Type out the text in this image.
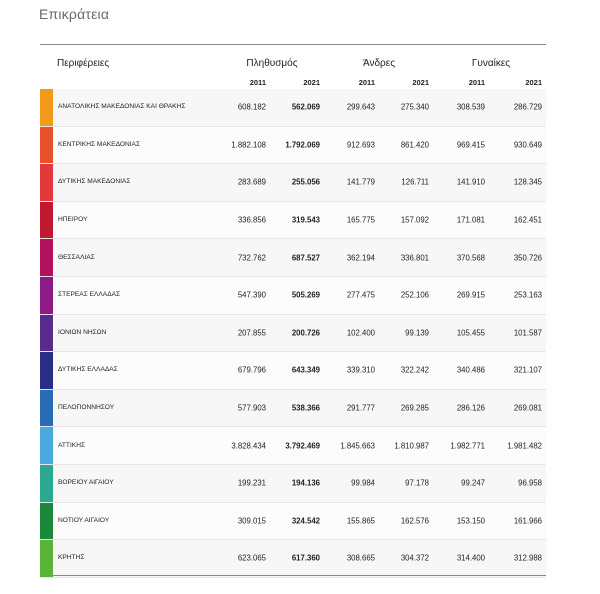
Επικράτεια
Περιφέρειες	Πληθυσμός	Άνδρες	Γυναίκες
2011	2021	2011	2021	2011	2021
ΑΝΑΤΟΛΙΚΗΣ ΜΑΚΕΔΟΝΙΑΣ ΚΑΙ ΘΡΑΚΗΣ	608.182	562.069	299.643	275.340	308.539	286.729
ΚΕΝΤΡΙΚΗΣ ΜΑΚΕΔΟΝΙΑΣ	1.882.108	1.792.069	912.693	861.420	969.415	930.649
ΔΥΤΙΚΗΣ ΜΑΚΕΔΟΝΙΑΣ	283.689	255.056	141.779	126.711	141.910	128.345
ΗΠΕΙΡΟΥ	336.856	319.543	165.775	157.092	171.081	162.451
ΘΕΣΣΑΛΙΑΣ	732.762	687.527	362.194	336.801	370.568	350.726
ΣΤΕΡΕΑΣ ΕΛΛΑΔΑΣ	547.390	505.269	277.475	252.106	269.915	253.163
ΙΟΝΙΩΝ ΝΗΣΩΝ	207.855	200.726	102.400	99.139	105.455	101.587
ΔΥΤΙΚΗΣ ΕΛΛΑΔΑΣ	679.796	643.349	339.310	322.242	340.486	321.107
ΠΕΛΟΠΟΝΝΗΣΟΥ	577.903	538.366	291.777	269.285	286.126	269.081
ΑΤΤΙΚΗΣ	3.828.434	3.792.469	1.845.663	1.810.987	1.982.771	1.981.482
ΒΟΡΕΙΟΥ ΑΙΓΑΙΟΥ	199.231	194.136	99.984	97.178	99.247	96.958
ΝΟΤΙΟΥ ΑΙΓΑΙΟΥ	309.015	324.542	155.865	162.576	153.150	161.966
ΚΡΗΤΗΣ	623.065	617.360	308.665	304.372	314.400	312.988
